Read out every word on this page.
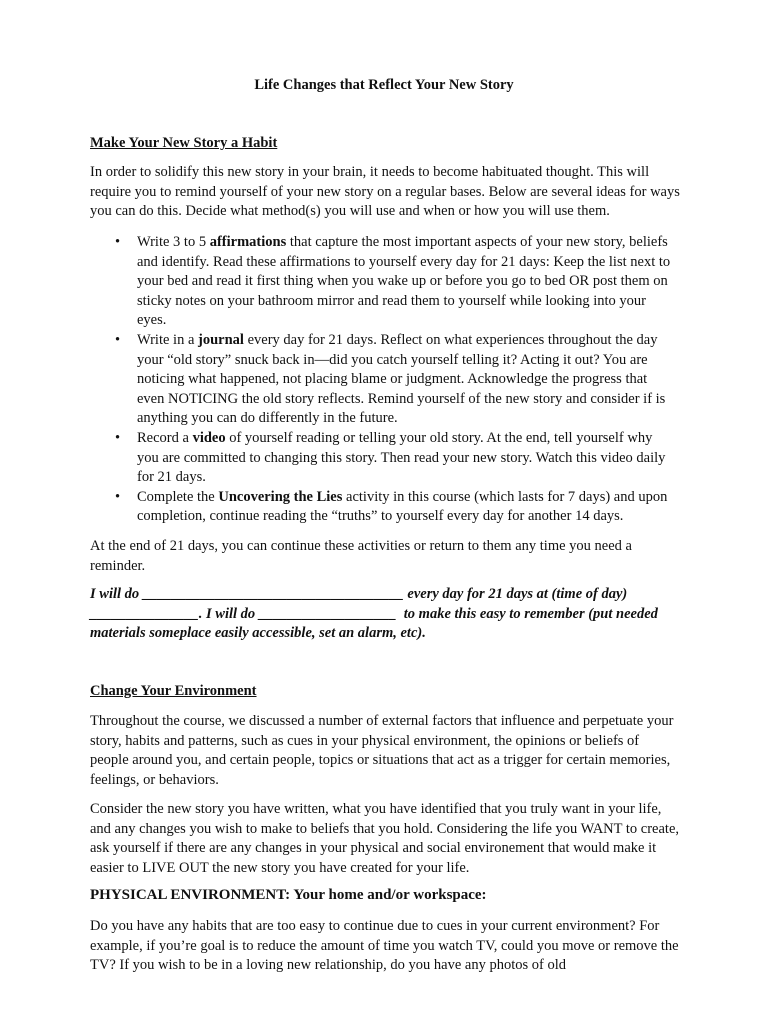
Life Changes that Reflect Your New Story

Make Your New Story a Habit

In order to solidify this new story in your brain, it needs to become habituated thought. This will require you to remind yourself of your new story on a regular bases. Below are several ideas for ways you can do this. Decide what method(s) you will use and when or how you will use them.

• Write 3 to 5 affirmations that capture the most important aspects of your new story, beliefs and identify. Read these affirmations to yourself every day for 21 days: Keep the list next to your bed and read it first thing when you wake up or before you go to bed OR post them on sticky notes on your bathroom mirror and read them to yourself while looking into your eyes.
• Write in a journal every day for 21 days. Reflect on what experiences throughout the day your “old story” snuck back in—did you catch yourself telling it? Acting it out? You are noticing what happened, not placing blame or judgment. Acknowledge the progress that even NOTICING the old story reflects. Remind yourself of the new story and consider if is anything you can do differently in the future.
• Record a video of yourself reading or telling your old story. At the end, tell yourself why you are committed to changing this story. Then read your new story. Watch this video daily for 21 days.
• Complete the Uncovering the Lies activity in this course (which lasts for 7 days) and upon completion, continue reading the “truths” to yourself every day for another 14 days.

At the end of 21 days, you can continue these activities or return to them any time you need a reminder.

I will do ____________________________________ every day for 21 days at (time of day) _______________. I will do ___________________  to make this easy to remember (put needed materials someplace easily accessible, set an alarm, etc).

Change Your Environment

Throughout the course, we discussed a number of external factors that influence and perpetuate your story, habits and patterns, such as cues in your physical environment, the opinions or beliefs of people around you, and certain people, topics or situations that act as a trigger for certain memories, feelings, or behaviors.

Consider the new story you have written, what you have identified that you truly want in your life, and any changes you wish to make to beliefs that you hold. Considering the life you WANT to create, ask yourself if there are any changes in your physical and social environement that would make it easier to LIVE OUT the new story you have created for your life.

PHYSICAL ENVIRONMENT: Your home and/or workspace:

Do you have any habits that are too easy to continue due to cues in your current environment? For example, if you’re goal is to reduce the amount of time you watch TV, could you move or remove the TV? If you wish to be in a loving new relationship, do you have any photos of old
